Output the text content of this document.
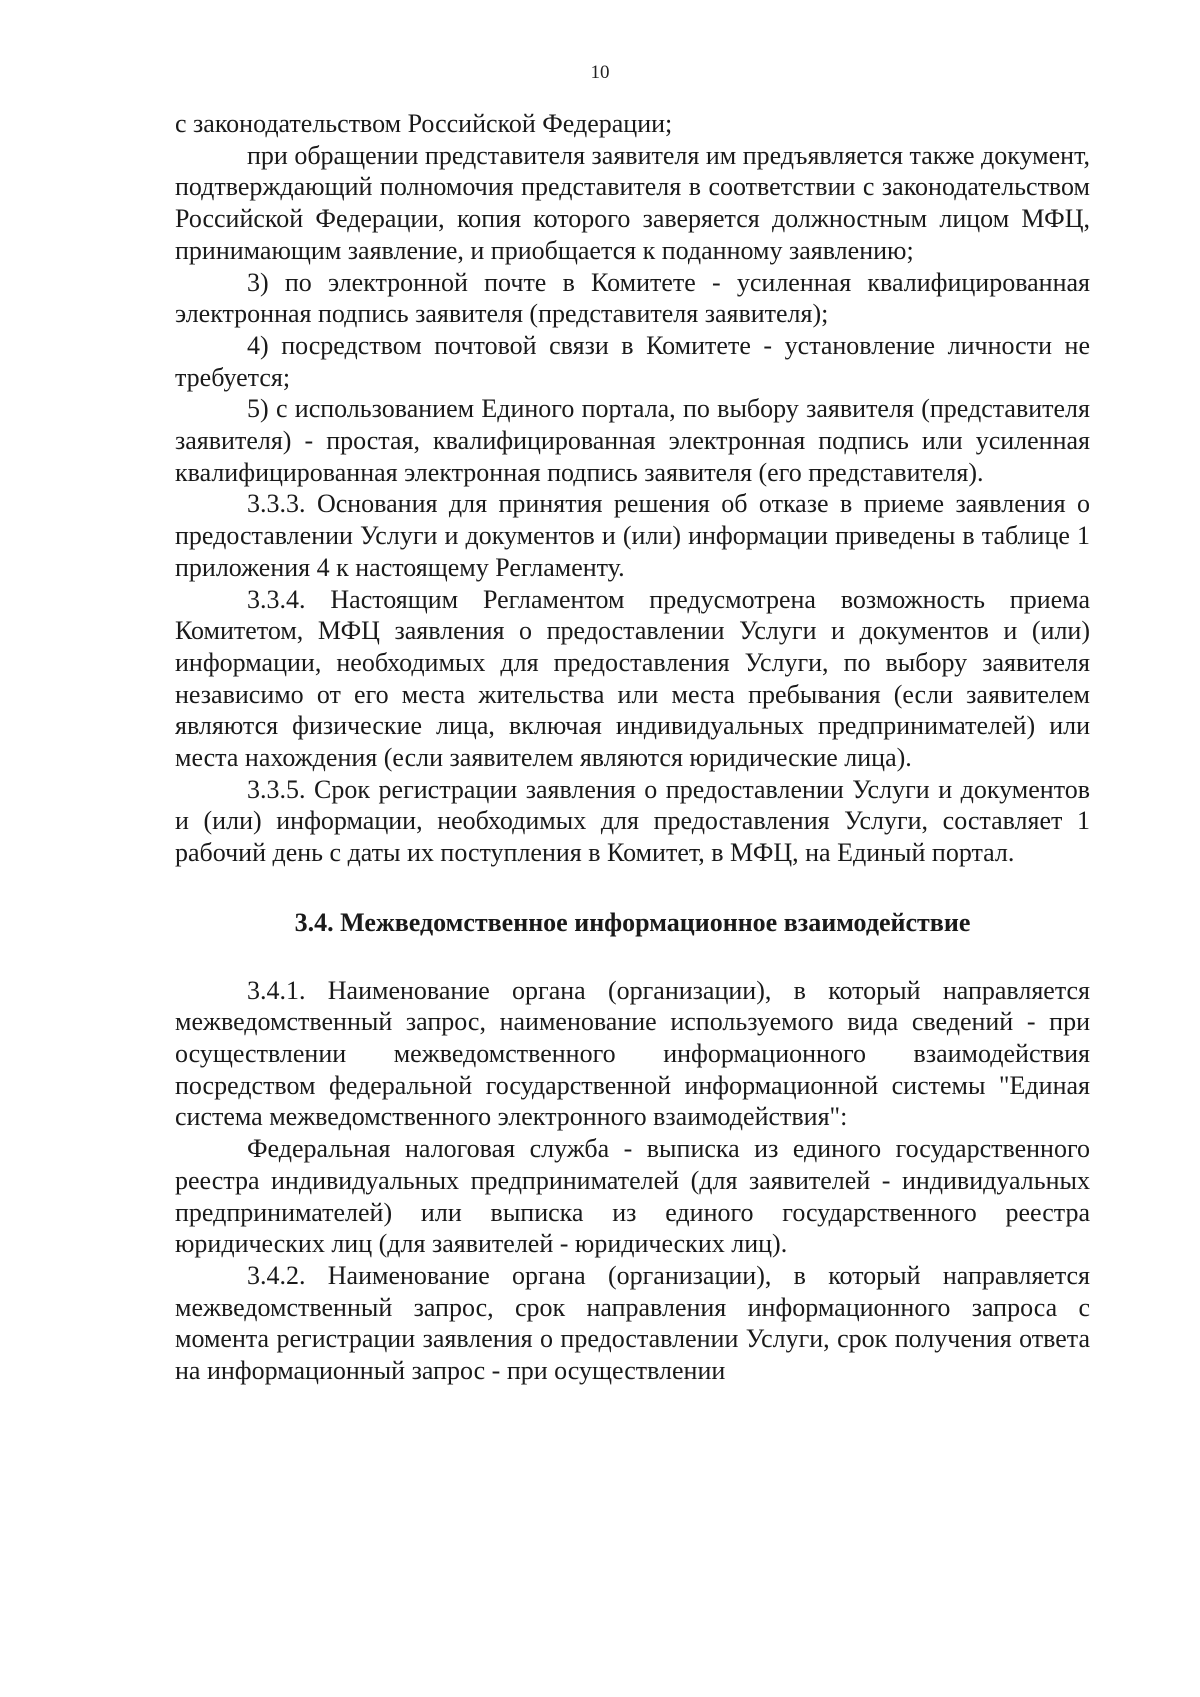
10

с законодательством Российской Федерации;

при обращении представителя заявителя им предъявляется также документ, подтверждающий полномочия представителя в соответствии с законодательством Российской Федерации, копия которого заверяется должностным лицом МФЦ, принимающим заявление, и приобщается к поданному заявлению;

3) по электронной почте в Комитете - усиленная квалифицированная электронная подпись заявителя (представителя заявителя);

4) посредством почтовой связи в Комитете - установление личности не требуется;

5) с использованием Единого портала, по выбору заявителя (представителя заявителя) - простая, квалифицированная электронная подпись или усиленная квалифицированная электронная подпись заявителя (его представителя).

3.3.3. Основания для принятия решения об отказе в приеме заявления о предоставлении Услуги и документов и (или) информации приведены в таблице 1 приложения 4 к настоящему Регламенту.

3.3.4. Настоящим Регламентом предусмотрена возможность приема Комитетом, МФЦ заявления о предоставлении Услуги и документов и (или) информации, необходимых для предоставления Услуги, по выбору заявителя независимо от его места жительства или места пребывания (если заявителем являются физические лица, включая индивидуальных предпринимателей) или места нахождения (если заявителем являются юридические лица).

3.3.5. Срок регистрации заявления о предоставлении Услуги и документов и (или) информации, необходимых для предоставления Услуги, составляет 1 рабочий день с даты их поступления в Комитет, в МФЦ, на Единый портал.

3.4. Межведомственное информационное взаимодействие

3.4.1. Наименование органа (организации), в который направляется межведомственный запрос, наименование используемого вида сведений - при осуществлении межведомственного информационного взаимодействия посредством федеральной государственной информационной системы "Единая система межведомственного электронного взаимодействия":

Федеральная налоговая служба - выписка из единого государственного реестра индивидуальных предпринимателей (для заявителей - индивидуальных предпринимателей) или выписка из единого государственного реестра юридических лиц (для заявителей - юридических лиц).

3.4.2. Наименование органа (организации), в который направляется межведомственный запрос, срок направления информационного запроса с момента регистрации заявления о предоставлении Услуги, срок получения ответа на информационный запрос - при осуществлении
